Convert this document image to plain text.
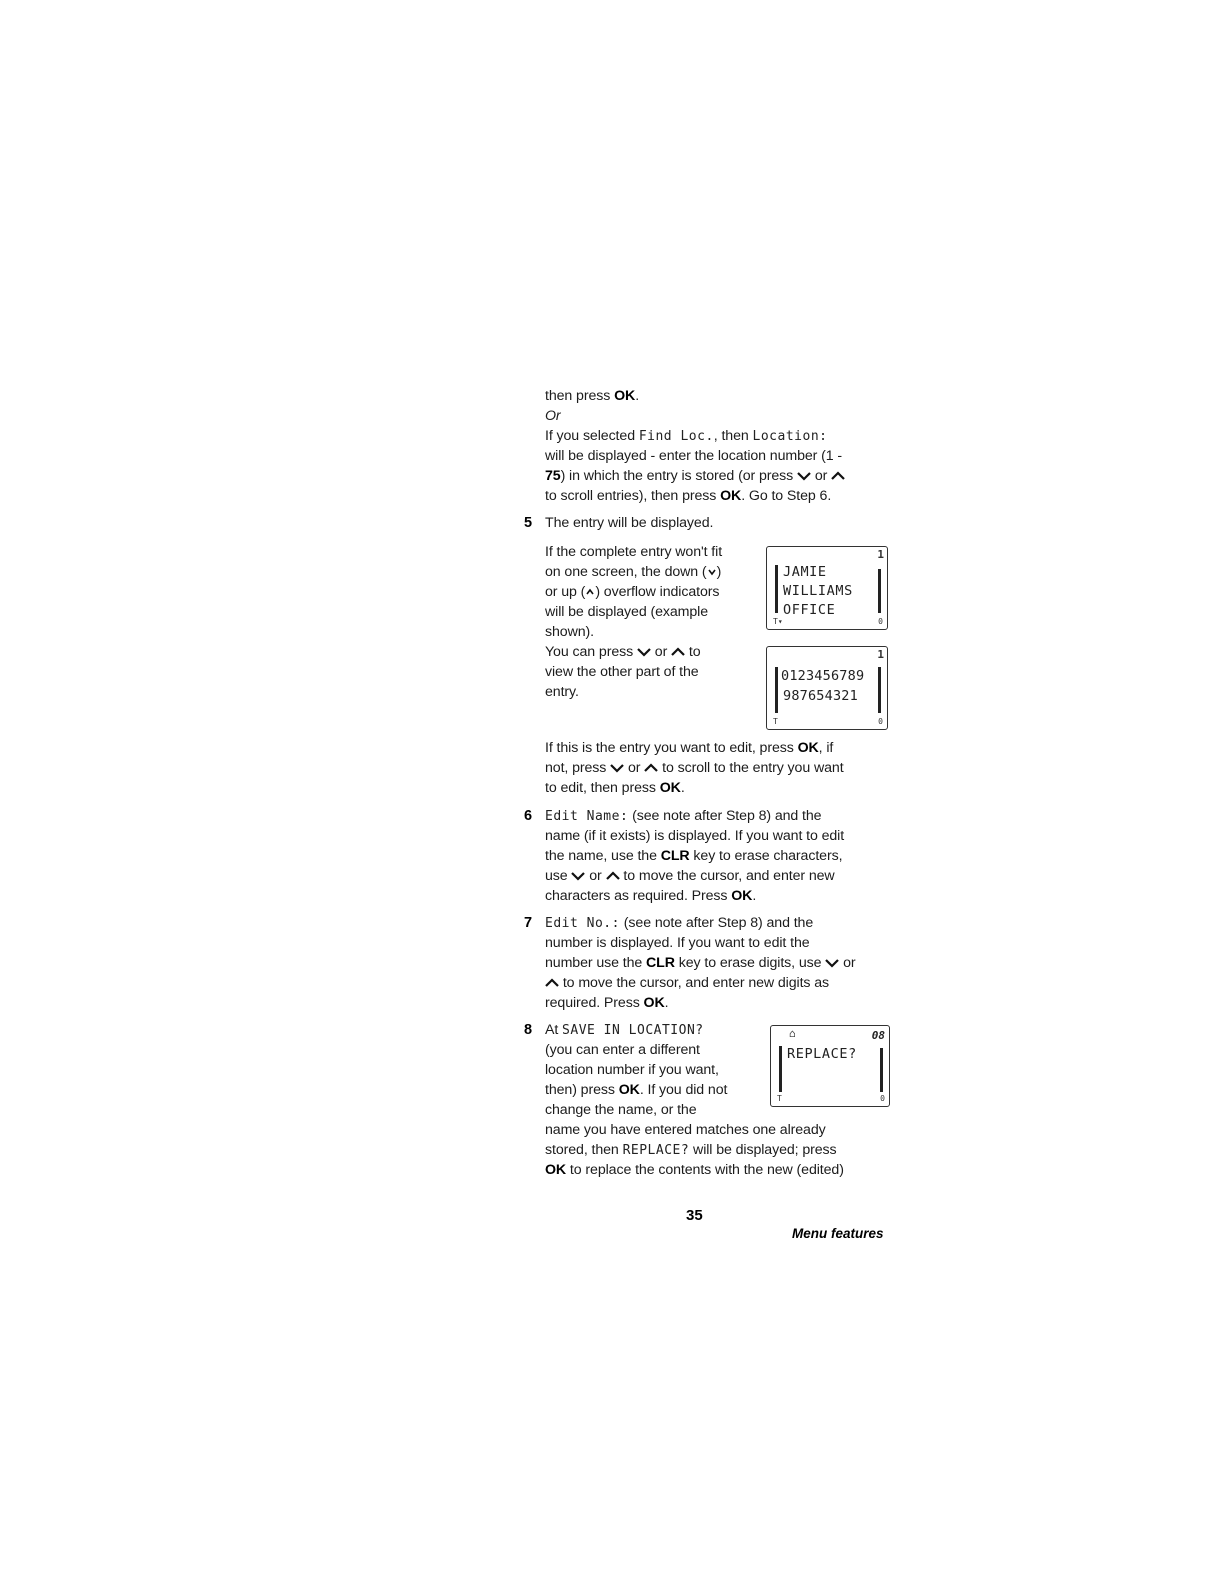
then press OK.
Or
If you selected Find Loc., then Location:
will be displayed - enter the location number (1 -
75) in which the entry is stored (or press
or
to scroll entries), then press OK. Go to Step 6.
5 The entry will be displayed.
If the complete entry won't fit
on one screen, the down ( )
or up ( ) overflow indicators
will be displayed (example
shown).
You can press
or
to
view the other part of the
entry.
1
JAMIE
WILLIAMS
OFFICE
T▾	0
1
0123456789
987654321
T	0
If this is the entry you want to edit, press OK, if
not, press
or
to scroll to the entry you want
to edit, then press OK.
6 Edit Name: (see note after Step 8) and the
name (if it exists) is displayed. If you want to edit
the name, use the CLR key to erase characters,
use
or
to move the cursor, and enter new
characters as required. Press OK.
7 Edit No.: (see note after Step 8) and the
number is displayed. If you want to edit the
number use the CLR key to erase digits, use
or
to move the cursor, and enter new digits as
required. Press OK.
8 At SAVE IN LOCATION?
(you can enter a different
location number if you want,
then) press OK. If you did not
change the name, or the
name you have entered matches one already
stored, then REPLACE? will be displayed; press
OK to replace the contents with the new (edited)
⌂	08
REPLACE?
T	0
35
Menu features
